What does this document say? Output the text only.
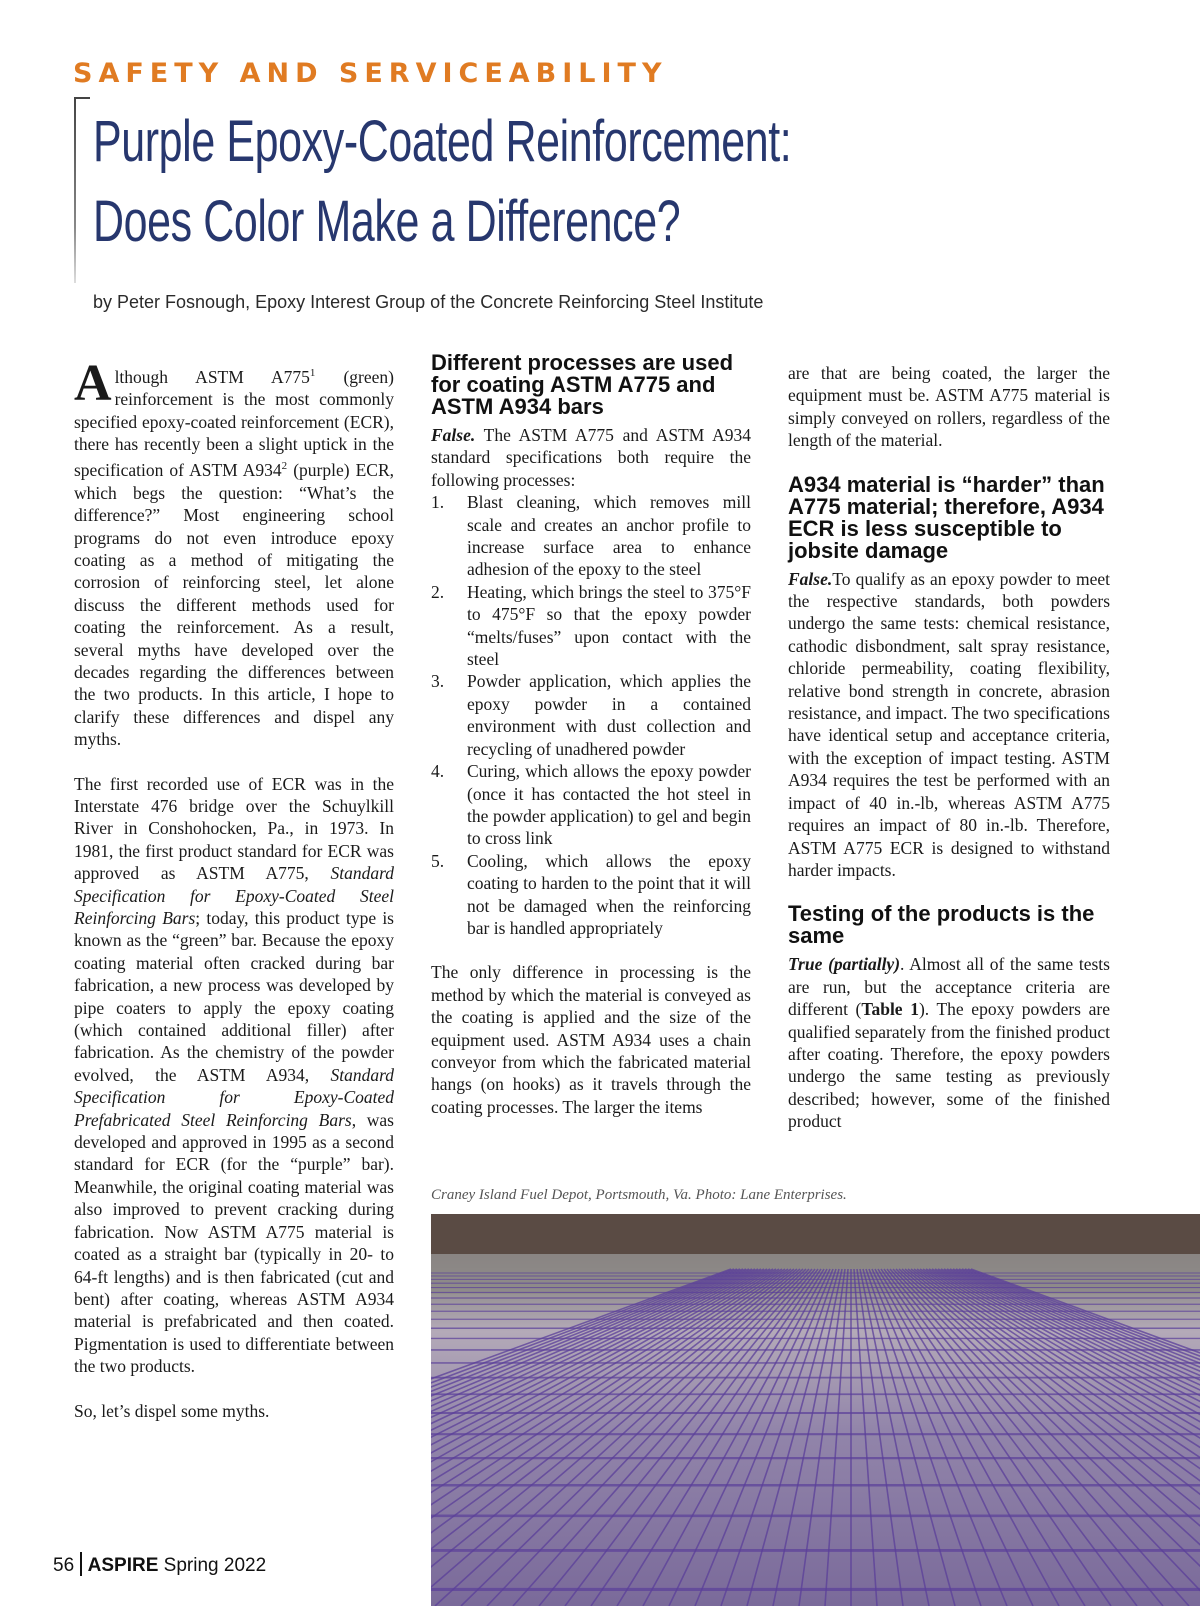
SAFETY AND SERVICEABILITY
Purple Epoxy-Coated Reinforcement:
Does Color Make a Difference?
by Peter Fosnough, Epoxy Interest Group of the Concrete Reinforcing Steel Institute

Although ASTM $A775^1$ (green) reinforcement is the most commonly specified epoxy-coated reinforcement (ECR), there has recently been a slight uptick in the specification of ASTM $A934^2$ (purple) ECR, which begs the question: “What’s the difference?” Most engineering school programs do not even introduce epoxy coating as a method of mitigating the corrosion of reinforcing steel, let alone discuss the different methods used for coating the reinforcement. As a result, several myths have developed over the decades regarding the differences between the two products. In this article, I hope to clarify these differences and dispel any myths.

The first recorded use of ECR was in the Interstate 476 bridge over the Schuylkill River in Conshohocken, Pa., in 1973. In 1981, the first product standard for ECR was approved as ASTM A775, Standard Specification for Epoxy-Coated Steel Reinforcing Bars; today, this product type is known as the “green” bar. Because the epoxy coating material often cracked during bar fabrication, a new process was developed by pipe coaters to apply the epoxy coating (which contained additional filler) after fabrication. As the chemistry of the powder evolved, the ASTM A934, Standard Specification for Epoxy-Coated Prefabricated Steel Reinforcing Bars, was developed and approved in 1995 as a second standard for ECR (for the “purple” bar). Meanwhile, the original coating material was also improved to prevent cracking during fabrication. Now ASTM A775 material is coated as a straight bar (typically in 20- to 64-ft lengths) and is then fabricated (cut and bent) after coating, whereas ASTM A934 material is prefabricated and then coated. Pigmentation is used to differentiate between the two products.

So, let’s dispel some myths.

Different processes are used for coating ASTM A775 and ASTM A934 bars

False. The ASTM A775 and ASTM A934 standard specifications both require the following processes:

1.	Blast cleaning, which removes mill scale and creates an anchor profile to increase surface area to enhance adhesion of the epoxy to the steel
2.	Heating, which brings the steel to 375°F to 475°F so that the epoxy powder “melts/fuses” upon contact with the steel
3.	Powder application, which applies the epoxy powder in a contained environment with dust collection and recycling of unadhered powder
4.	Curing, which allows the epoxy powder (once it has contacted the hot steel in the powder application) to gel and begin to cross link
5.	Cooling, which allows the epoxy coating to harden to the point that it will not be damaged when the reinforcing bar is handled appropriately

The only difference in processing is the method by which the material is conveyed as the coating is applied and the size of the equipment used. ASTM A934 uses a chain conveyor from which the fabricated material hangs (on hooks) as it travels through the coating processes. The larger the items

are that are being coated, the larger the equipment must be. ASTM A775 material is simply conveyed on rollers, regardless of the length of the material.

A934 material is “harder” than A775 material; therefore, A934 ECR is less susceptible to jobsite damage

False.To qualify as an epoxy powder to meet the respective standards, both powders undergo the same tests: chemical resistance, cathodic disbondment, salt spray resistance, chloride permeability, coating flexibility, relative bond strength in concrete, abrasion resistance, and impact. The two specifications have identical setup and acceptance criteria, with the exception of impact testing. ASTM A934 requires the test be performed with an impact of 40 in.-lb, whereas ASTM A775 requires an impact of 80 in.-lb. Therefore, ASTM A775 ECR is designed to withstand harder impacts.

Testing of the products is the same

True (partially). Almost all of the same tests are run, but the acceptance criteria are different (Table 1). The epoxy powders are qualified separately from the finished product after coating. Therefore, the epoxy powders undergo the same testing as previously described; however, some of the finished product

Craney Island Fuel Depot, Portsmouth, Va. Photo: Lane Enterprises.
56 ASPIRE Spring 2022
